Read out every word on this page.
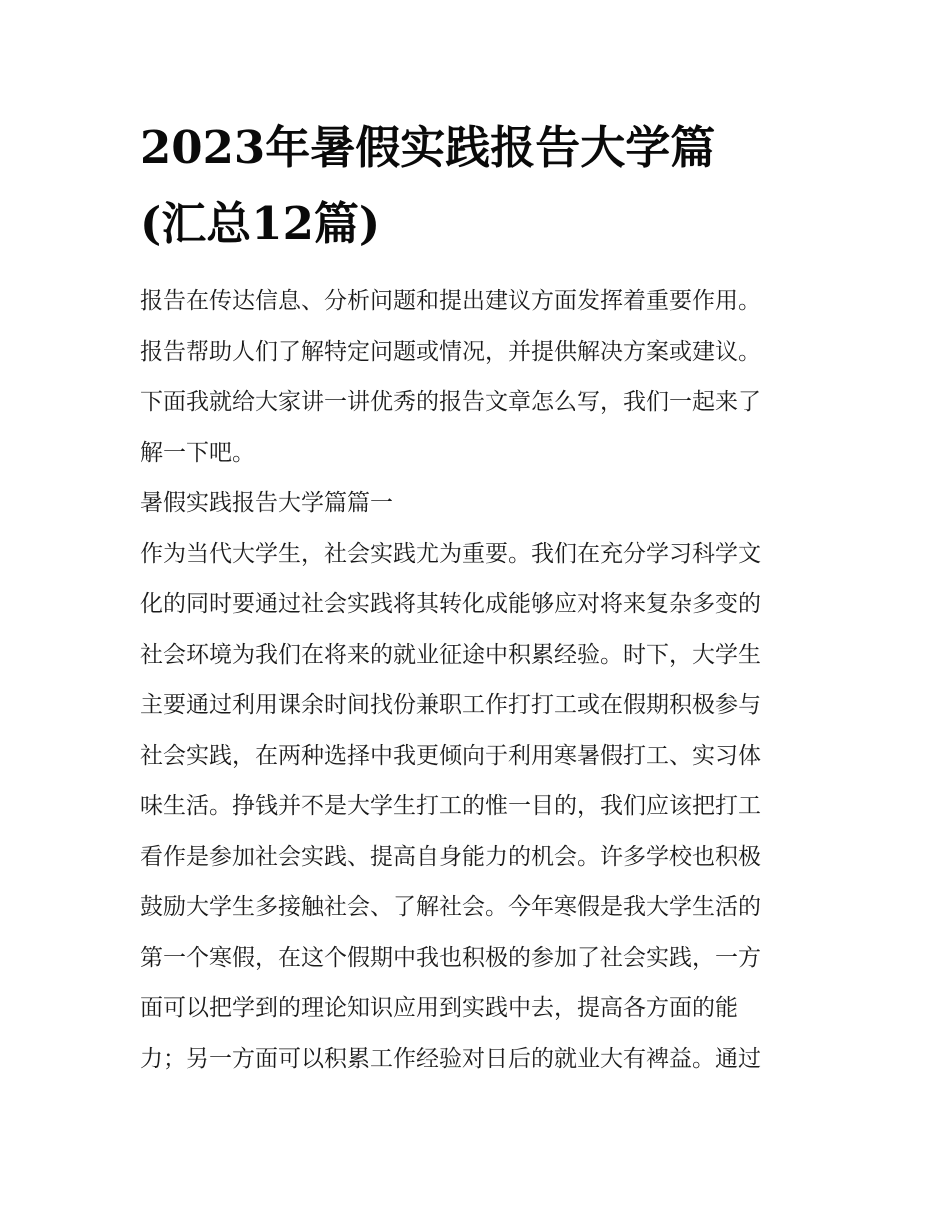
2023年暑假实践报告大学篇
(汇总12篇)
报告在传达信息、分析问题和提出建议方面发挥着重要作用。
报告帮助人们了解特定问题或情况，并提供解决方案或建议。
下面我就给大家讲一讲优秀的报告文章怎么写，我们一起来了
解一下吧。
暑假实践报告大学篇篇一
作为当代大学生，社会实践尤为重要。我们在充分学习科学文
化的同时要通过社会实践将其转化成能够应对将来复杂多变的
社会环境为我们在将来的就业征途中积累经验。时下，大学生
主要通过利用课余时间找份兼职工作打打工或在假期积极参与
社会实践，在两种选择中我更倾向于利用寒暑假打工、实习体
味生活。挣钱并不是大学生打工的惟一目的，我们应该把打工
看作是参加社会实践、提高自身能力的机会。许多学校也积极
鼓励大学生多接触社会、了解社会。今年寒假是我大学生活的
第一个寒假，在这个假期中我也积极的参加了社会实践，一方
面可以把学到的理论知识应用到实践中去，提高各方面的能
力；另一方面可以积累工作经验对日后的就业大有裨益。通过
